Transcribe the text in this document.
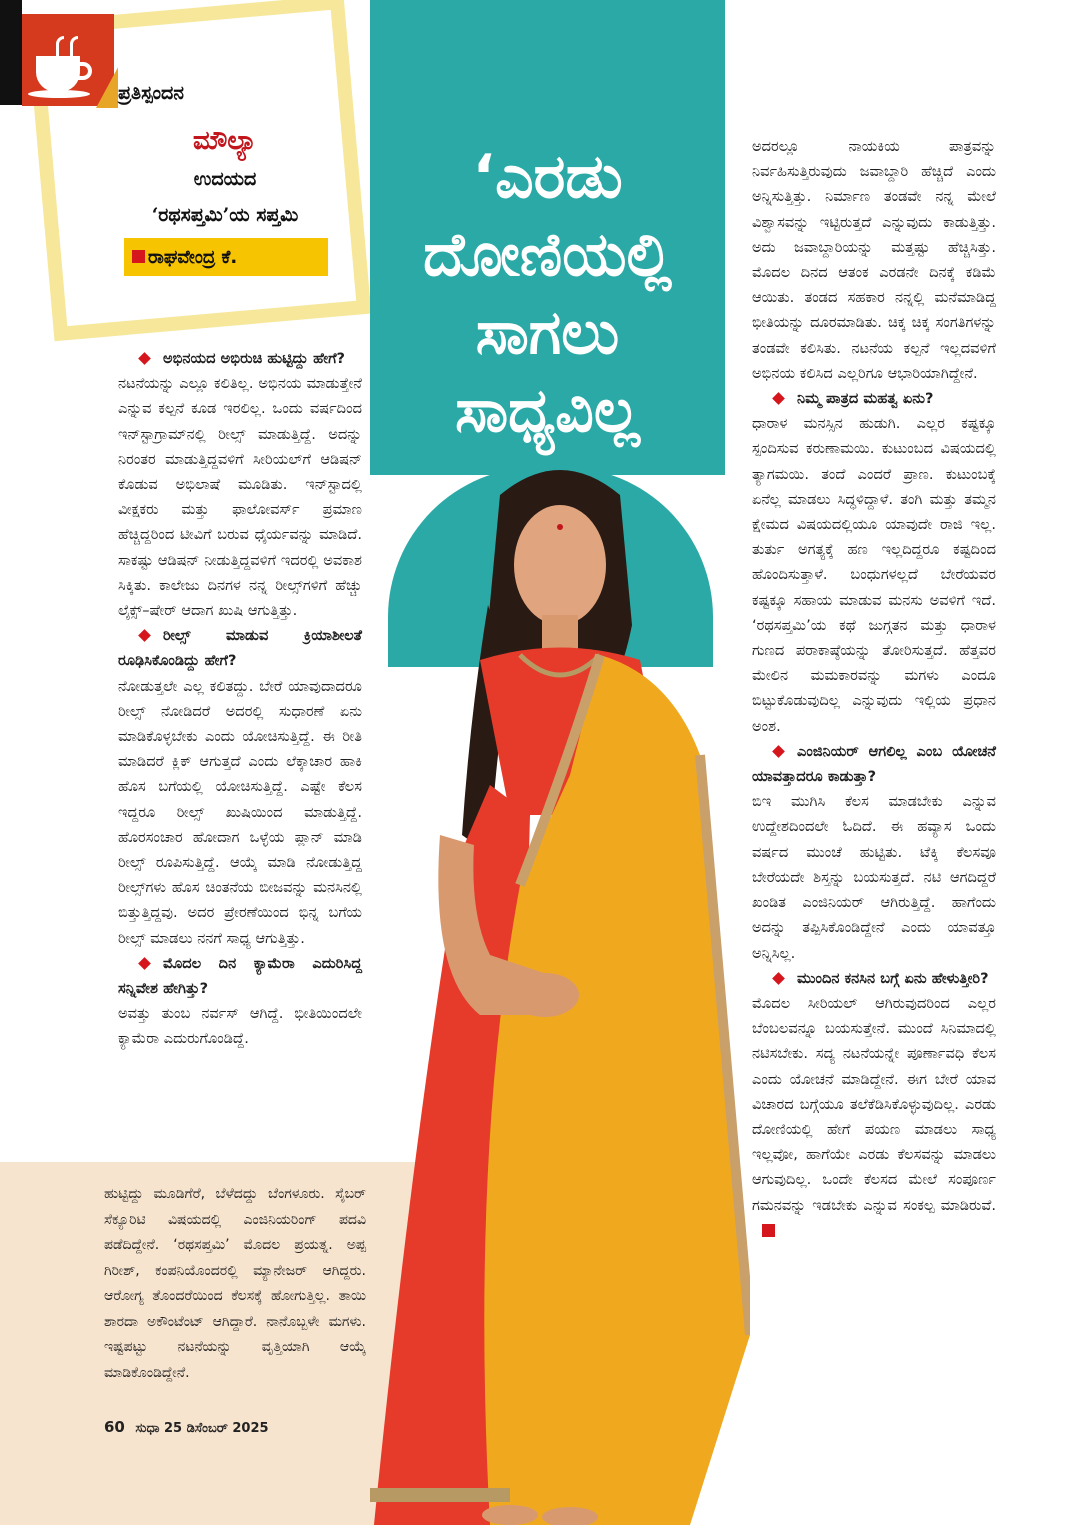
ಪ್ರತಿಸ್ಪಂದನ
ಮೌಲ್ಯಾ
ಉದಯದ
‘ರಥಸಪ್ತಮಿ’ಯ ಸಪ್ತಮಿ
ರಾಘವೇಂದ್ರ ಕೆ.
‘ಎರಡು
ದೋಣಿಯಲ್ಲಿ
ಸಾಗಲು
ಸಾಧ್ಯವಿಲ್ಲ

ಅಭಿನಯದ ಅಭಿರುಚಿ ಹುಟ್ಟಿದ್ದು ಹೇಗೆ?

ನಟನೆಯನ್ನು ಎಲ್ಲೂ ಕಲಿತಿಲ್ಲ. ಅಭಿನಯ ಮಾಡುತ್ತೇನೆ ಎನ್ನುವ ಕಲ್ಪನೆ ಕೂಡ ಇರಲಿಲ್ಲ. ಒಂದು ವರ್ಷದಿಂದ ಇನ್‌ಸ್ಟಾಗ್ರಾಮ್‌ನಲ್ಲಿ ರೀಲ್ಸ್ ಮಾಡುತ್ತಿದ್ದೆ. ಅದನ್ನು ನಿರಂತರ ಮಾಡುತ್ತಿದ್ದವಳಿಗೆ ಸೀರಿಯಲ್‌ಗೆ ಆಡಿಷನ್ ಕೊಡುವ ಅಭಿಲಾಷೆ ಮೂಡಿತು. ಇನ್‌ಸ್ಟಾದಲ್ಲಿ ವೀಕ್ಷಕರು ಮತ್ತು ಫಾಲೋವರ್ಸ್ ಪ್ರಮಾಣ ಹೆಚ್ಚಿದ್ದರಿಂದ ಟೀವಿಗೆ ಬರುವ ಧೈರ್ಯವನ್ನು ಮಾಡಿದೆ. ಸಾಕಷ್ಟು ಆಡಿಷನ್ ನೀಡುತ್ತಿದ್ದವಳಿಗೆ ಇದರಲ್ಲಿ ಅವಕಾಶ ಸಿಕ್ಕಿತು. ಕಾಲೇಜು ದಿನಗಳ ನನ್ನ ರೀಲ್ಸ್‌ಗಳಿಗೆ ಹೆಚ್ಚು ಲೈಕ್ಸ್–ಷೇರ್ ಆದಾಗ ಖುಷಿ ಆಗುತ್ತಿತ್ತು.

ರೀಲ್ಸ್ ಮಾಡುವ ಕ್ರಿಯಾಶೀಲತೆ ರೂಢಿಸಿಕೊಂಡಿದ್ದು ಹೇಗೆ?

ನೋಡುತ್ತಲೇ ಎಲ್ಲ ಕಲಿತದ್ದು. ಬೇರೆ ಯಾವುದಾದರೂ ರೀಲ್ಸ್ ನೋಡಿದರೆ ಅದರಲ್ಲಿ ಸುಧಾರಣೆ ಏನು ಮಾಡಿಕೊಳ್ಳಬೇಕು ಎಂದು ಯೋಚಿಸುತ್ತಿದ್ದೆ. ಈ ರೀತಿ ಮಾಡಿದರೆ ಕ್ಲಿಕ್ ಆಗುತ್ತದೆ ಎಂದು ಲೆಕ್ಕಾಚಾರ ಹಾಕಿ ಹೊಸ ಬಗೆಯಲ್ಲಿ ಯೋಚಿಸುತ್ತಿದ್ದೆ. ಎಷ್ಟೇ ಕೆಲಸ ಇದ್ದರೂ ರೀಲ್ಸ್ ಖುಷಿಯಿಂದ ಮಾಡುತ್ತಿದ್ದೆ. ಹೊರಸಂಚಾರ ಹೋದಾಗ ಒಳ್ಳೆಯ ಪ್ಲಾನ್ ಮಾಡಿ ರೀಲ್ಸ್ ರೂಪಿಸುತ್ತಿದ್ದೆ. ಆಯ್ಕೆ ಮಾಡಿ ನೋಡುತ್ತಿದ್ದ ರೀಲ್ಸ್‌ಗಳು ಹೊಸ ಚಿಂತನೆಯ ಬೀಜವನ್ನು ಮನಸಿನಲ್ಲಿ ಬಿತ್ತುತ್ತಿದ್ದವು. ಅದರ ಪ್ರೇರಣೆಯಿಂದ ಭಿನ್ನ ಬಗೆಯ ರೀಲ್ಸ್ ಮಾಡಲು ನನಗೆ ಸಾಧ್ಯ ಆಗುತ್ತಿತ್ತು.

ಮೊದಲ ದಿನ ಕ್ಯಾಮೆರಾ ಎದುರಿಸಿದ್ದ ಸನ್ನಿವೇಶ ಹೇಗಿತ್ತು?

ಅವತ್ತು ತುಂಬ ನರ್ವಸ್ ಆಗಿದ್ದೆ. ಭೀತಿಯಿಂದಲೇ ಕ್ಯಾಮೆರಾ ಎದುರುಗೊಂಡಿದ್ದೆ.

ಹುಟ್ಟಿದ್ದು ಮೂಡಿಗೆರೆ, ಬೆಳೆದದ್ದು ಬೆಂಗಳೂರು. ಸೈಬರ್ ಸೆಕ್ಯೂರಿಟಿ ವಿಷಯದಲ್ಲಿ ಎಂಜಿನಿಯರಿಂಗ್ ಪದವಿ ಪಡೆದಿದ್ದೇನೆ. ‘ರಥಸಪ್ತಮಿ’ ಮೊದಲ ಪ್ರಯತ್ನ. ಅಪ್ಪ ಗಿರೀಶ್, ಕಂಪನಿಯೊಂದರಲ್ಲಿ ಮ್ಯಾನೇಜರ್ ಆಗಿದ್ದರು. ಆರೋಗ್ಯ ತೊಂದರೆಯಿಂದ ಕೆಲಸಕ್ಕೆ ಹೋಗುತ್ತಿಲ್ಲ. ತಾಯಿ ಶಾರದಾ ಅಕೌಂಟೆಂಟ್ ಆಗಿದ್ದಾರೆ. ನಾನೊಬ್ಬಳೇ ಮಗಳು. ಇಷ್ಟಪಟ್ಟು ನಟನೆಯನ್ನು ವೃತ್ತಿಯಾಗಿ ಆಯ್ಕೆ ಮಾಡಿಕೊಂಡಿದ್ದೇನೆ.

ಅದರಲ್ಲೂ ನಾಯಕಿಯ ಪಾತ್ರವನ್ನು ನಿರ್ವಹಿಸುತ್ತಿರುವುದು ಜವಾಬ್ದಾರಿ ಹೆಚ್ಚಿದೆ ಎಂದು ಅನ್ನಿಸುತ್ತಿತ್ತು. ನಿರ್ಮಾಣ ತಂಡವೇ ನನ್ನ ಮೇಲೆ ವಿಶ್ವಾಸವನ್ನು ಇಟ್ಟಿರುತ್ತದೆ ಎನ್ನುವುದು ಕಾಡುತ್ತಿತ್ತು. ಅದು ಜವಾಬ್ದಾರಿಯನ್ನು ಮತ್ತಷ್ಟು ಹೆಚ್ಚಿಸಿತ್ತು. ಮೊದಲ ದಿನದ ಆತಂಕ ಎರಡನೇ ದಿನಕ್ಕೆ ಕಡಿಮೆ ಆಯಿತು. ತಂಡದ ಸಹಕಾರ ನನ್ನಲ್ಲಿ ಮನೆಮಾಡಿದ್ದ ಭೀತಿಯನ್ನು ದೂರಮಾಡಿತು. ಚಿಕ್ಕ ಚಿಕ್ಕ ಸಂಗತಿಗಳನ್ನು ತಂಡವೇ ಕಲಿಸಿತು. ನಟನೆಯ ಕಲ್ಪನೆ ಇಲ್ಲದವಳಿಗೆ ಅಭಿನಯ ಕಲಿಸಿದ ಎಲ್ಲರಿಗೂ ಆಭಾರಿಯಾಗಿದ್ದೇನೆ.

ನಿಮ್ಮ ಪಾತ್ರದ ಮಹತ್ವ ಏನು?

ಧಾರಾಳ ಮನಸ್ಸಿನ ಹುಡುಗಿ. ಎಲ್ಲರ ಕಷ್ಟಕ್ಕೂ ಸ್ಪಂದಿಸುವ ಕರುಣಾಮಯಿ. ಕುಟುಂಬದ ವಿಷಯದಲ್ಲಿ ತ್ಯಾಗಮಯಿ. ತಂದೆ ಎಂದರೆ ಪ್ರಾಣ. ಕುಟುಂಬಕ್ಕೆ ಏನೆಲ್ಲ ಮಾಡಲು ಸಿದ್ಧಳಿದ್ದಾಳೆ. ತಂಗಿ ಮತ್ತು ತಮ್ಮನ ಕ್ಷೇಮದ ವಿಷಯದಲ್ಲಿಯೂ ಯಾವುದೇ ರಾಜಿ ಇಲ್ಲ. ತುರ್ತು ಅಗತ್ಯಕ್ಕೆ ಹಣ ಇಲ್ಲದಿದ್ದರೂ ಕಷ್ಟದಿಂದ ಹೊಂದಿಸುತ್ತಾಳೆ. ಬಂಧುಗಳಲ್ಲದೆ ಬೇರೆಯವರ ಕಷ್ಟಕ್ಕೂ ಸಹಾಯ ಮಾಡುವ ಮನಸು ಅವಳಿಗೆ ಇದೆ. ‘ರಥಸಪ್ತಮಿ’ಯ ಕಥೆ ಜುಗ್ಗತನ ಮತ್ತು ಧಾರಾಳ ಗುಣದ ಪರಾಕಾಷ್ಠೆಯನ್ನು ತೋರಿಸುತ್ತದೆ. ಹೆತ್ತವರ ಮೇಲಿನ ಮಮಕಾರವನ್ನು ಮಗಳು ಎಂದೂ ಬಿಟ್ಟುಕೊಡುವುದಿಲ್ಲ ಎನ್ನುವುದು ಇಲ್ಲಿಯ ಪ್ರಧಾನ ಅಂಶ.

ಎಂಜಿನಿಯರ್ ಆಗಲಿಲ್ಲ ಎಂಬ ಯೋಚನೆ ಯಾವತ್ತಾದರೂ ಕಾಡುತ್ತಾ?

ಬಿಇ ಮುಗಿಸಿ ಕೆಲಸ ಮಾಡಬೇಕು ಎನ್ನುವ ಉದ್ದೇಶದಿಂದಲೇ ಓದಿದೆ. ಈ ಹವ್ಯಾಸ ಒಂದು ವರ್ಷದ ಮುಂಚೆ ಹುಟ್ಟಿತು. ಟೆಕ್ಕಿ ಕೆಲಸವೂ ಬೇರೆಯದೇ ಶಿಸ್ತನ್ನು ಬಯಸುತ್ತದೆ. ನಟಿ ಆಗದಿದ್ದರೆ ಖಂಡಿತ ಎಂಜಿನಿಯರ್ ಆಗಿರುತ್ತಿದ್ದೆ. ಹಾಗೆಂದು ಅದನ್ನು ತಪ್ಪಿಸಿಕೊಂಡಿದ್ದೇನೆ ಎಂದು ಯಾವತ್ತೂ ಅನ್ನಿಸಿಲ್ಲ.

ಮುಂದಿನ ಕನಸಿನ ಬಗ್ಗೆ ಏನು ಹೇಳುತ್ತೀರಿ?

ಮೊದಲ ಸೀರಿಯಲ್ ಆಗಿರುವುದರಿಂದ ಎಲ್ಲರ ಬೆಂಬಲವನ್ನೂ ಬಯಸುತ್ತೇನೆ. ಮುಂದೆ ಸಿನಿಮಾದಲ್ಲಿ ನಟಿಸಬೇಕು. ಸದ್ಯ ನಟನೆಯನ್ನೇ ಪೂರ್ಣಾವಧಿ ಕೆಲಸ ಎಂದು ಯೋಚನೆ ಮಾಡಿದ್ದೇನೆ. ಈಗ ಬೇರೆ ಯಾವ ವಿಚಾರದ ಬಗ್ಗೆಯೂ ತಲೆಕೆಡಿಸಿಕೊಳ್ಳುವುದಿಲ್ಲ. ಎರಡು ದೋಣಿಯಲ್ಲಿ ಹೇಗೆ ಪಯಣ ಮಾಡಲು ಸಾಧ್ಯ ಇಲ್ಲವೋ, ಹಾಗೆಯೇ ಎರಡು ಕೆಲಸವನ್ನು ಮಾಡಲು ಆಗುವುದಿಲ್ಲ. ಒಂದೇ ಕೆಲಸದ ಮೇಲೆ ಸಂಪೂರ್ಣ ಗಮನವನ್ನು ಇಡಬೇಕು ಎನ್ನುವ ಸಂಕಲ್ಪ ಮಾಡಿರುವೆ.

60 ಸುಧಾ 25 ಡಿಸೆಂಬರ್ 2025
